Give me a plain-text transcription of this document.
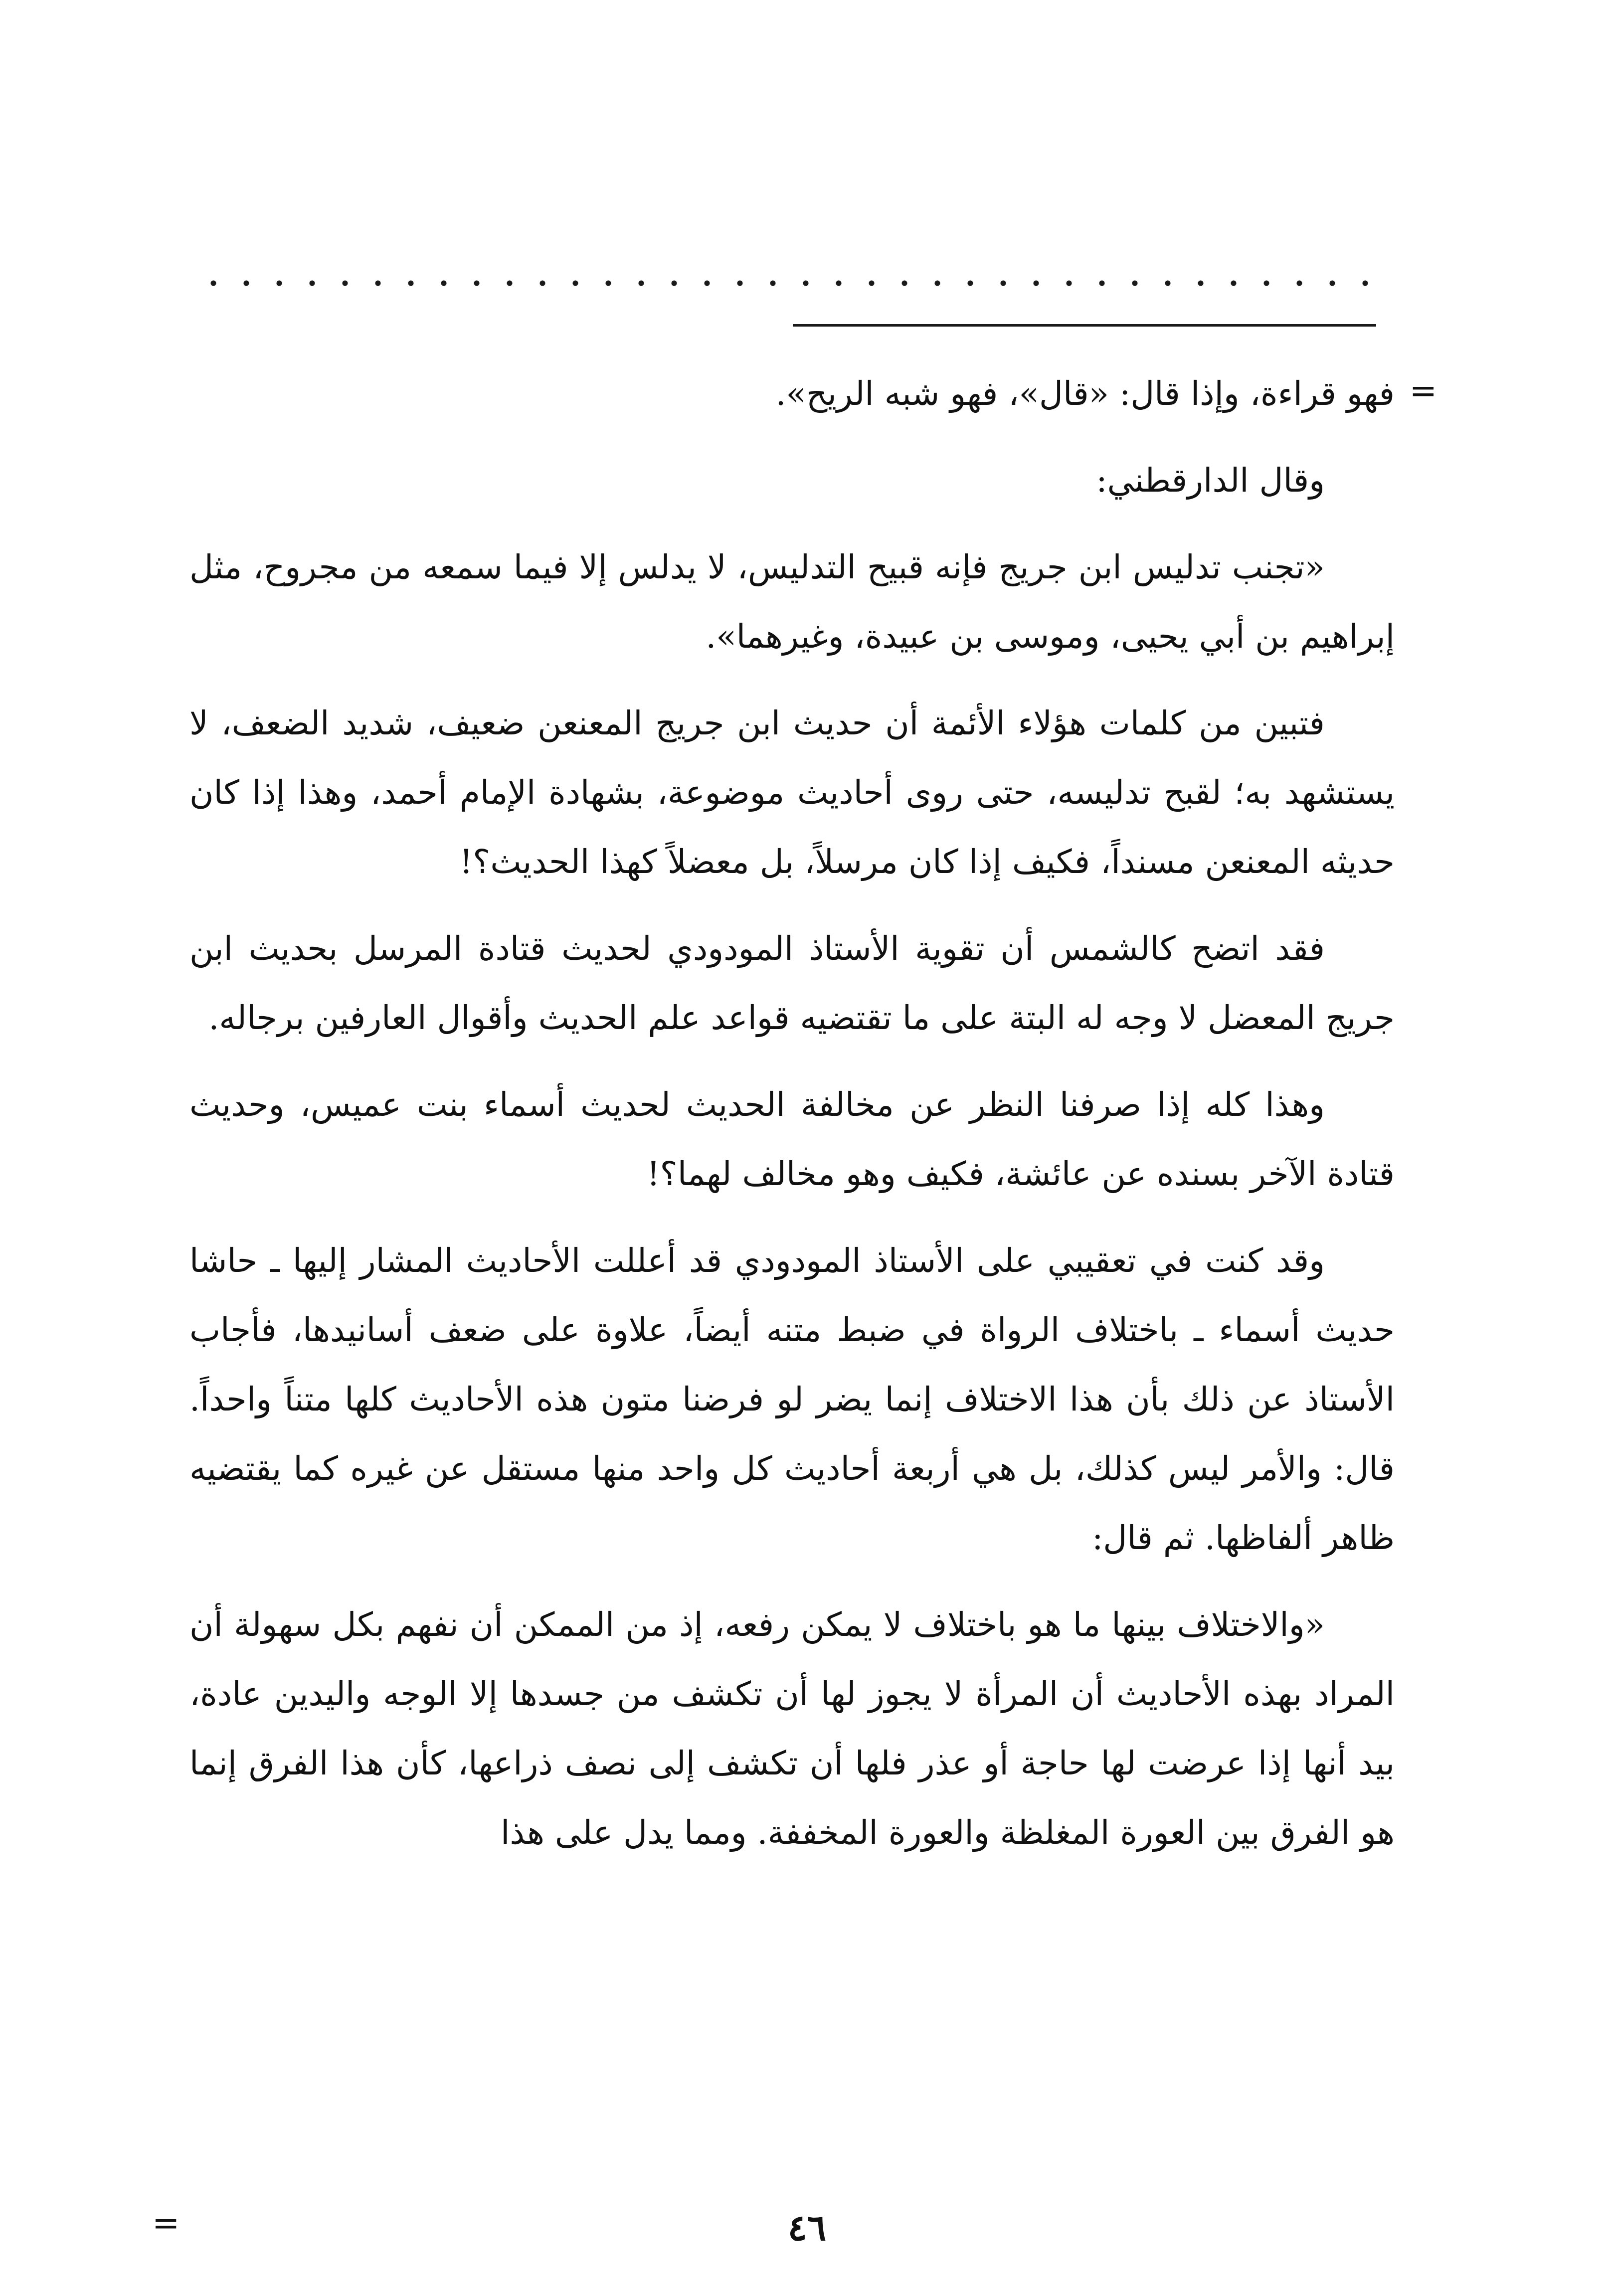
=

فهو قراءة، وإذا قال: «قال»، فهو شبه الريح».

وقال الدارقطني:

«تجنب تدليس ابن جريج فإنه قبيح التدليس، لا يدلس إلا فيما سمعه من مجروح، مثل إبراهيم بن أبي يحيى، وموسى بن عبيدة، وغيرهما».

فتبين من كلمات هؤلاء الأئمة أن حديث ابن جريج المعنعن ضعيف، شديد الضعف، لا يستشهد به؛ لقبح تدليسه، حتى روى أحاديث موضوعة، بشهادة الإمام أحمد، وهذا إذا كان حديثه المعنعن مسنداً، فكيف إذا كان مرسلاً، بل معضلاً كهذا الحديث؟!

فقد اتضح كالشمس أن تقوية الأستاذ المودودي لحديث قتادة المرسل بحديث ابن جريج المعضل لا وجه له البتة على ما تقتضيه قواعد علم الحديث وأقوال العارفين برجاله.

وهذا كله إذا صرفنا النظر عن مخالفة الحديث لحديث أسماء بنت عميس، وحديث قتادة الآخر بسنده عن عائشة، فكيف وهو مخالف لهما؟!

وقد كنت في تعقيبي على الأستاذ المودودي قد أعللت الأحاديث المشار إليها ـ حاشا حديث أسماء ـ باختلاف الرواة في ضبط متنه أيضاً، علاوة على ضعف أسانيدها، فأجاب الأستاذ عن ذلك بأن هذا الاختلاف إنما يضر لو فرضنا متون هذه الأحاديث كلها متناً واحداً. قال: والأمر ليس كذلك، بل هي أربعة أحاديث كل واحد منها مستقل عن غيره كما يقتضيه ظاهر ألفاظها. ثم قال:

«والاختلاف بينها ما هو باختلاف لا يمكن رفعه، إذ من الممكن أن نفهم بكل سهولة أن المراد بهذه الأحاديث أن المرأة لا يجوز لها أن تكشف من جسدها إلا الوجه واليدين عادة، بيد أنها إذا عرضت لها حاجة أو عذر فلها أن تكشف إلى نصف ذراعها، كأن هذا الفرق إنما هو الفرق بين العورة المغلظة والعورة المخففة. ومما يدل على هذا

=	٤٦
